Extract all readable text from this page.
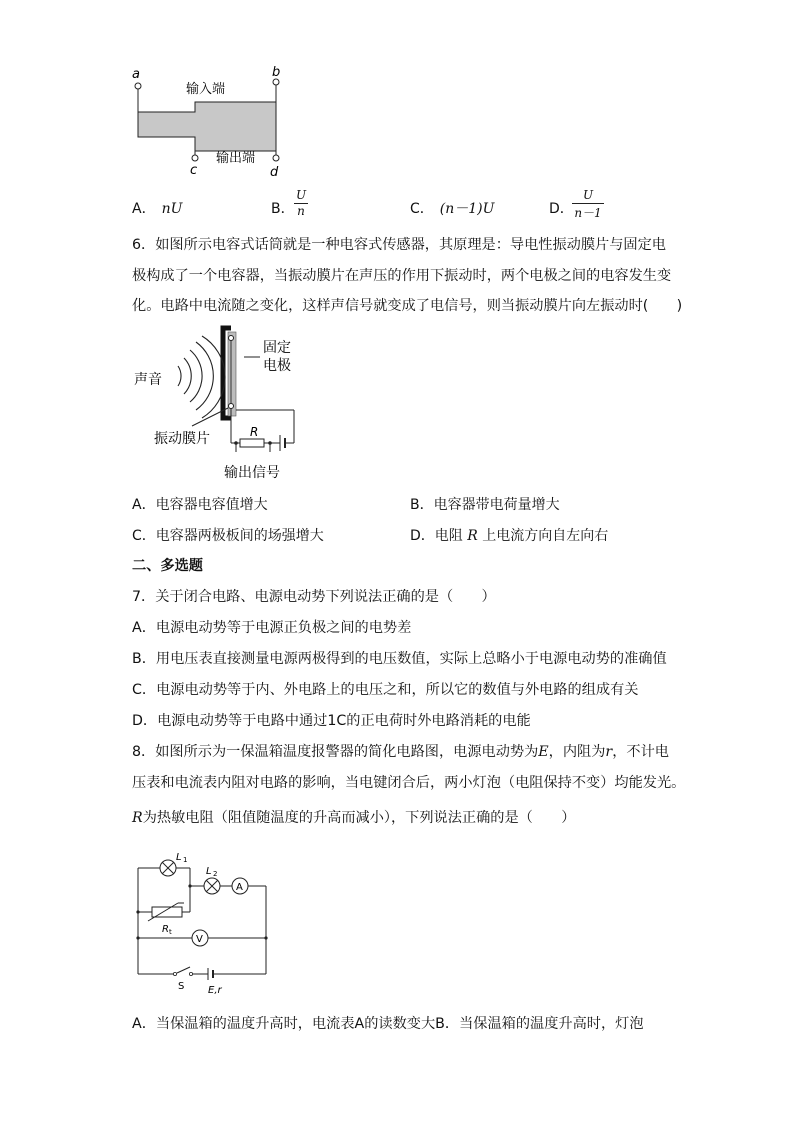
a	b
c	d
输入端
输出端
A． nU	B． $\frac{U}{n}$	C． (n－1)U	D．
$\frac{U}{n-1}$
6．如图所示电容式话筒就是一种电容式传感器，其原理是：导电性振动膜片与固定电
极构成了一个电容器，当振动膜片在声压的作用下振动时，两个电极之间的电容发生变
化。电路中电流随之变化，这样声信号就变成了电信号，则当振动膜片向左振动时(　　)
R
固定
电极
声音
振动膜片
输出信号
A．电容器电容值增大	B．电容器带电荷量增大
C．电容器两极板间的场强增大	D．电阻 R 上电流方向自左向右
二、多选题
7．关于闭合电路、电源电动势下列说法正确的是（　　）
A．电源电动势等于电源正负极之间的电势差
B．用电压表直接测量电源两极得到的电压数值，实际上总略小于电源电动势的准确值
C．电源电动势等于内、外电路上的电压之和，所以它的数值与外电路的组成有关
D．电源电动势等于电路中通过1C的正电荷时外电路消耗的电能
8．如图所示为一保温箱温度报警器的简化电路图，电源电动势为E，内阻为r，不计电
压表和电流表内阻对电路的影响，当电键闭合后，两小灯泡（电阻保持不变）均能发光。
R为热敏电阻（阻值随温度的升高而减小），下列说法正确的是（　　）
L 1
L 2
A
V
R t
S E,r
A．当保温箱的温度升高时，电流表A的读数变大B．当保温箱的温度升高时，灯泡
